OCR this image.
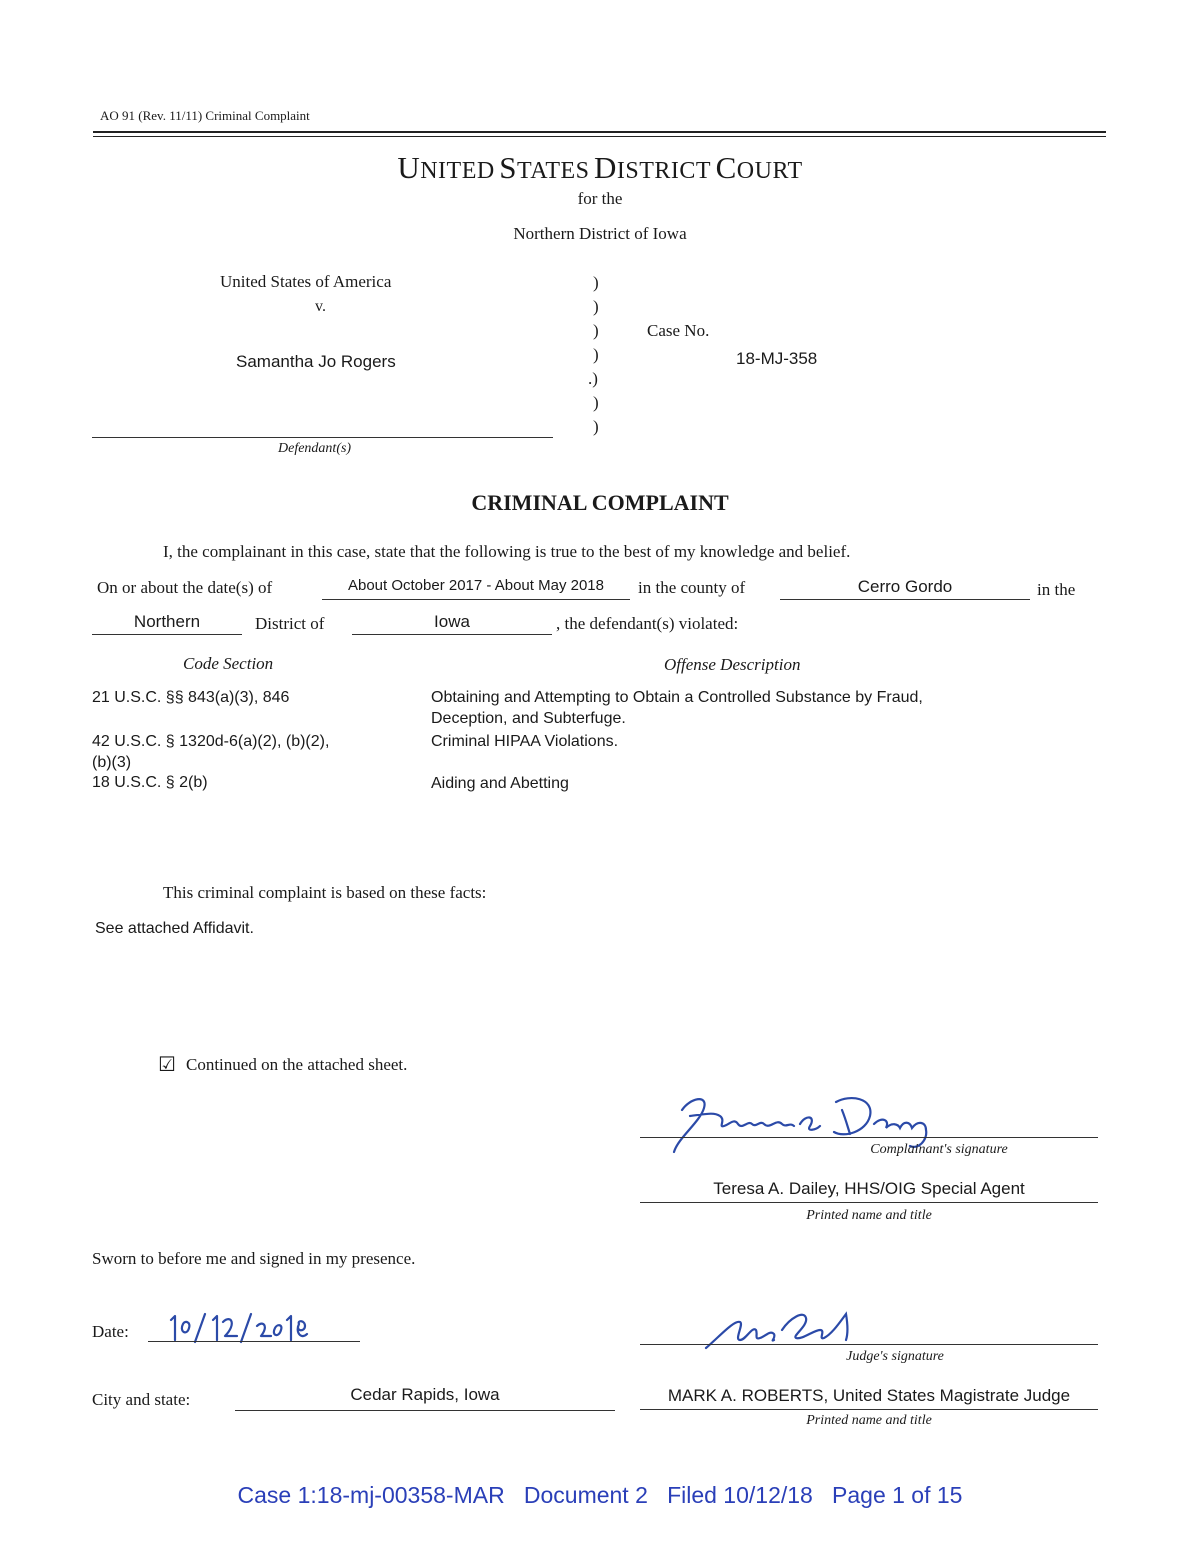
AO 91 (Rev. 11/11) Criminal Complaint
UNITED STATES DISTRICT COURT
for the
Northern District of Iowa
United States of America
v.
Samantha Jo Rogers
Defendant(s)
)
)
)
)
.)
)
)
Case No.
18-MJ-358
CRIMINAL COMPLAINT
I, the complainant in this case, state that the following is true to the best of my knowledge and belief.
On or about the date(s) of	About October 2017 - About May 2018	in the county of	Cerro Gordo	in the
Northern	District of	Iowa	, the defendant(s) violated:
Code Section	Offense Description
21 U.S.C. §§ 843(a)(3), 846	Obtaining and Attempting to Obtain a Controlled Substance by Fraud,
Deception, and Subterfuge.
42 U.S.C. § 1320d-6(a)(2), (b)(2),
(b)(3)
Criminal HIPAA Violations.
18 U.S.C. § 2(b)	Aiding and Abetting
This criminal complaint is based on these facts:
See attached Affidavit.
☑ Continued on the attached sheet.
Complainant's signature
Teresa A. Dailey, HHS/OIG Special Agent
Printed name and title
Sworn to before me and signed in my presence.
Date:
Judge's signature
City and state:	Cedar Rapids, Iowa	MARK A. ROBERTS, United States Magistrate Judge
Printed name and title
Case 1:18-mj-00358-MAR Document 2 Filed 10/12/18 Page 1 of 15
